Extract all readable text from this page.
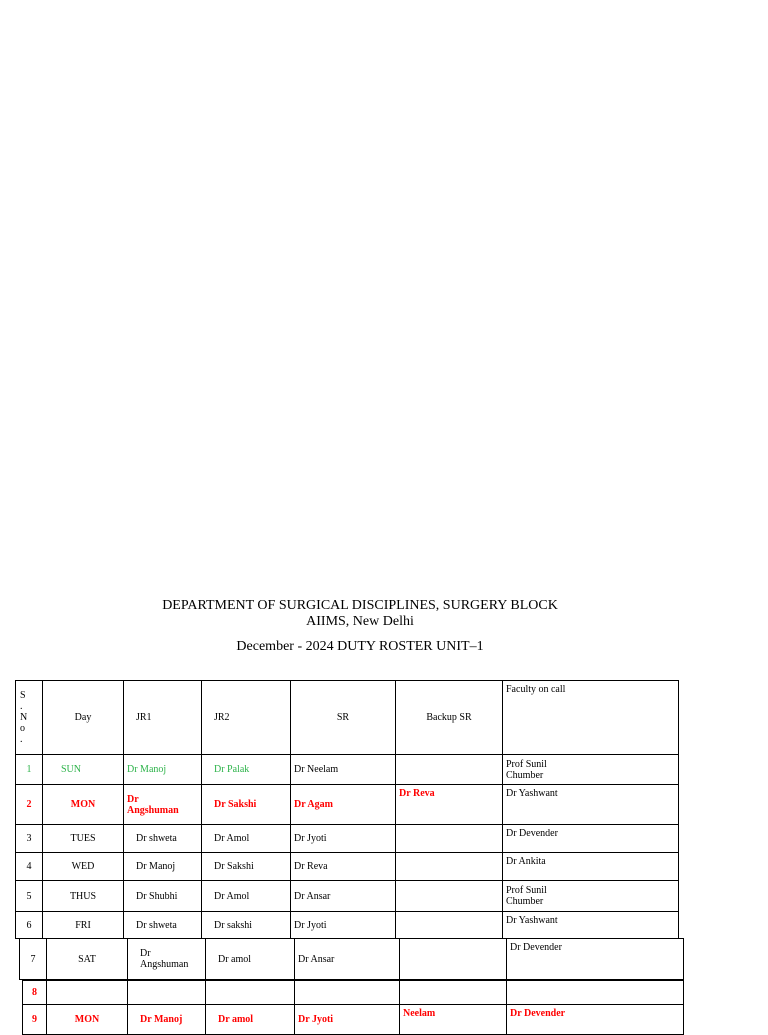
DEPARTMENT OF SURGICAL DISCIPLINES, SURGERY BLOCK
AIIMS, New Delhi
December - 2024 DUTY ROSTER UNIT–1
S
.
N
o
.	Day	JR1	JR2	SR	Backup SR	Faculty on call
1	SUN	Dr Manoj	Dr Palak	Dr Neelam		Prof Sunil Chumber

2	MON	Dr Angshuman	Dr Sakshi	Dr Agam	Dr Reva	Dr Yashwant
3	TUES	Dr shweta	Dr Amol	Dr Jyoti		Dr Devender
4	WED	Dr Manoj	Dr Sakshi	Dr Reva		Dr Ankita
5	THUS	Dr Shubhi	Dr Amol	Dr Ansar		Prof Sunil Chumber

6	FRI	Dr shweta	Dr sakshi	Dr Jyoti		Dr Yashwant
7	SAT	Dr Angshuman	Dr amol	Dr Ansar		Dr Devender
8						
9	MON	Dr Manoj	Dr amol	Dr Jyoti	Neelam	Dr Devender
